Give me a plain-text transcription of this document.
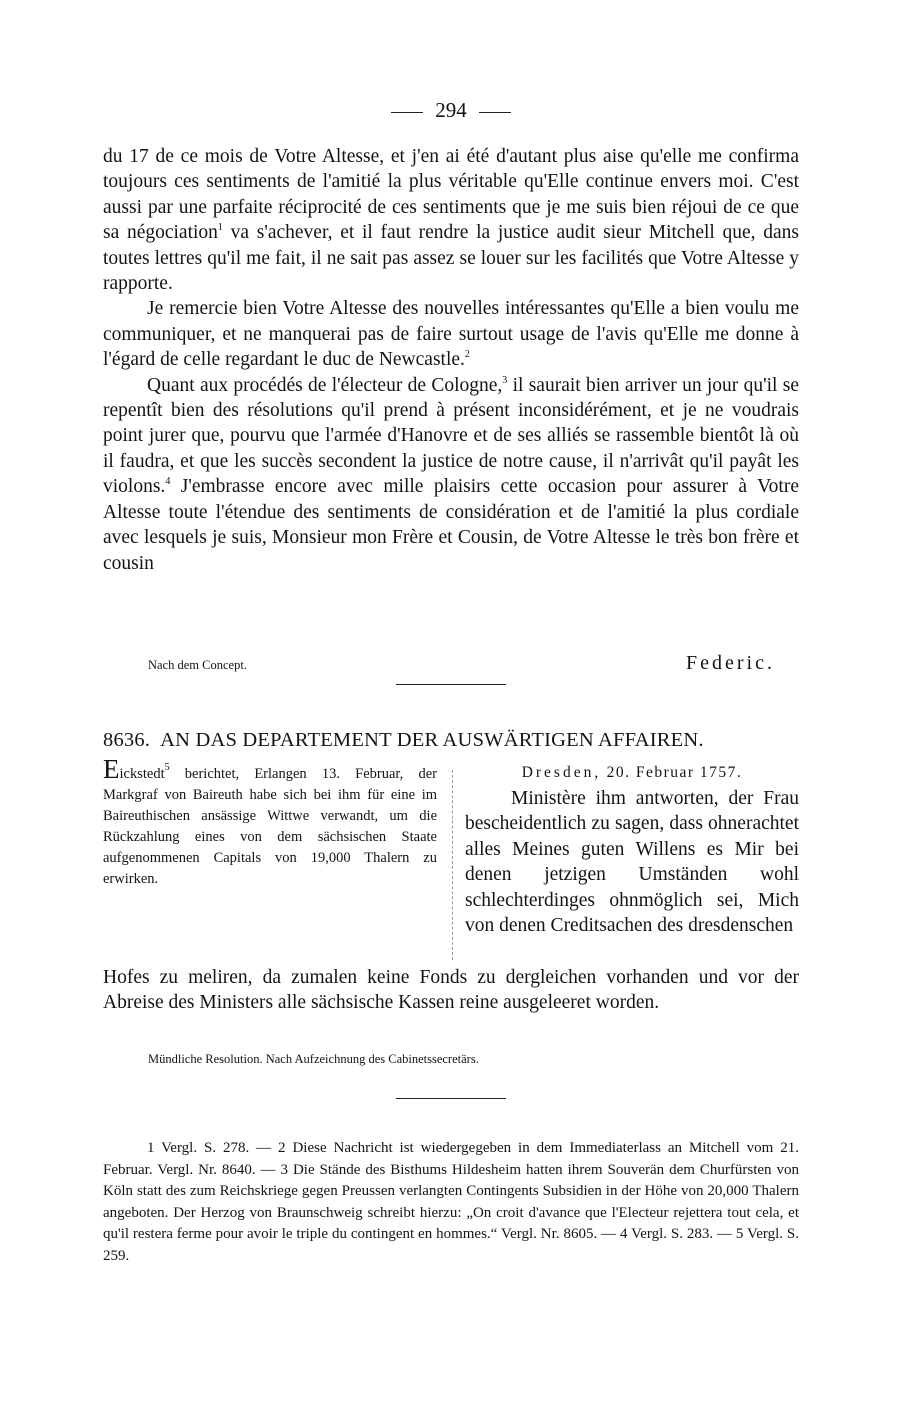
294

du 17 de ce mois de Votre Altesse, et j'en ai été d'autant plus aise qu'elle me confirma toujours ces sentiments de l'amitié la plus véritable qu'Elle continue envers moi. C'est aussi par une parfaite réciprocité de ces sentiments que je me suis bien réjoui de ce que sa négociation$^1$ va s'achever, et il faut rendre la justice audit sieur Mitchell que, dans toutes lettres qu'il me fait, il ne sait pas assez se louer sur les facilités que Votre Altesse y rapporte.

Je remercie bien Votre Altesse des nouvelles intéressantes qu'Elle a bien voulu me communiquer, et ne manquerai pas de faire surtout usage de l'avis qu'Elle me donne à l'égard de celle regardant le duc de Newcastle.$^2$

Quant aux procédés de l'électeur de Cologne,$^3$ il saurait bien arriver un jour qu'il se repentît bien des résolutions qu'il prend à présent inconsidérément, et je ne voudrais point jurer que, pourvu que l'armée d'Hanovre et de ses alliés se rassemble bientôt là où il faudra, et que les succès secondent la justice de notre cause, il n'arrivât qu'il payât les violons.$^4$ J'embrasse encore avec mille plaisirs cette occasion pour assurer à Votre Altesse toute l'étendue des sentiments de considération et de l'amitié la plus cordiale avec lesquels je suis, Monsieur mon Frère et Cousin, de Votre Altesse le très bon frère et cousin

Nach dem Concept.	Federic.
8636. AN DAS DEPARTEMENT DER AUSWÄRTIGEN AFFAIREN.
Eickstedt$^5$ berichtet, Erlangen 13. Februar, der Markgraf von Baireuth habe sich bei ihm für eine im Baireuthischen ansässige Wittwe verwandt, um die Rückzahlung eines von dem sächsischen Staate aufgenommenen Capitals von 19,000 Thalern zu erwirken.
Dresden, 20. Februar 1757.

Ministère ihm antworten, der Frau bescheidentlich zu sagen, dass ohnerachtet alles Meines guten Willens es Mir bei denen jetzigen Umständen wohl schlechterdinges ohnmöglich sei, Mich von denen Creditsachen des dresdenschen

Hofes zu meliren, da zumalen keine Fonds zu dergleichen vorhanden und vor der Abreise des Ministers alle sächsische Kassen reine ausgeleeret worden.
Mündliche Resolution. Nach Aufzeichnung des Cabinetssecretärs.

1 Vergl. S. 278. — 2 Diese Nachricht ist wiedergegeben in dem Immediaterlass an Mitchell vom 21. Februar. Vergl. Nr. 8640. — 3 Die Stände des Bisthums Hildesheim hatten ihrem Souverän dem Churfürsten von Köln statt des zum Reichskriege gegen Preussen verlangten Contingents Subsidien in der Höhe von 20,000 Thalern angeboten. Der Herzog von Braunschweig schreibt hierzu: „On croit d'avance que l'Electeur rejettera tout cela, et qu'il restera ferme pour avoir le triple du contingent en hommes.“ Vergl. Nr. 8605. — 4 Vergl. S. 283. — 5 Vergl. S. 259.
